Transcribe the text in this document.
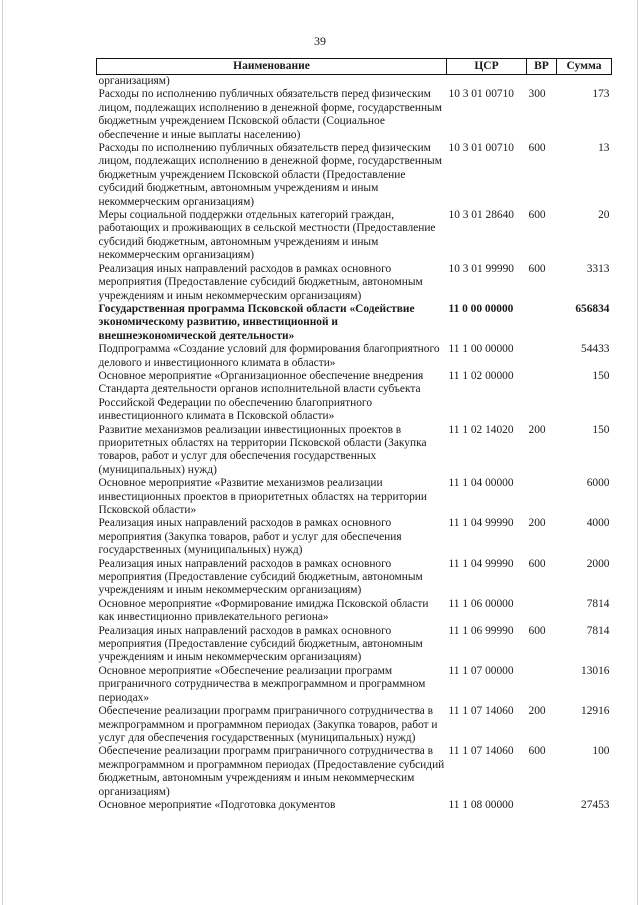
39
Наименование	ЦСР	ВР	Сумма
организациям)			
Расходы по исполнению публичных обязательств перед физическим лицом, подлежащих исполнению в денежной форме, государственным бюджетным учреждением Псковской области (Социальное обеспечение и иные выплаты населению)	10 3 01 00710	300	173
Расходы по исполнению публичных обязательств перед физическим лицом, подлежащих исполнению в денежной форме, государственным бюджетным учреждением Псковской области (Предоставление субсидий бюджетным, автономным учреждениям и иным некоммерческим организациям)	10 3 01 00710	600	13
Меры социальной поддержки отдельных категорий граждан, работающих и проживающих в сельской местности (Предоставление субсидий бюджетным, автономным учреждениям и иным некоммерческим организациям)	10 3 01 28640	600	20
Реализация иных направлений расходов в рамках основного мероприятия (Предоставление субсидий бюджетным, автономным учреждениям и иным некоммерческим организациям)	10 3 01 99990	600	3313
Государственная программа Псковской области «Содействие экономическому развитию, инвестиционной и внешнеэкономической деятельности»	11 0 00 00000		656834
Подпрограмма «Создание условий для формирования благоприятного делового и инвестиционного климата в области»	11 1 00 00000		54433
Основное мероприятие «Организационное обеспечение внедрения Стандарта деятельности органов исполнительной власти субъекта Российской Федерации по обеспечению благоприятного инвестиционного климата в Псковской области»	11 1 02 00000		150
Развитие механизмов реализации инвестиционных проектов в приоритетных областях на территории Псковской области (Закупка товаров, работ и услуг для обеспечения государственных (муниципальных) нужд)	11 1 02 14020	200	150
Основное мероприятие «Развитие механизмов реализации инвестиционных проектов в приоритетных областях на территории Псковской области»	11 1 04 00000		6000
Реализация иных направлений расходов в рамках основного мероприятия (Закупка товаров, работ и услуг для обеспечения государственных (муниципальных) нужд)	11 1 04 99990	200	4000
Реализация иных направлений расходов в рамках основного мероприятия (Предоставление субсидий бюджетным, автономным учреждениям и иным некоммерческим организациям)	11 1 04 99990	600	2000
Основное мероприятие «Формирование имиджа Псковской области как инвестиционно привлекательного региона»	11 1 06 00000		7814
Реализация иных направлений расходов в рамках основного мероприятия (Предоставление субсидий бюджетным, автономным учреждениям и иным некоммерческим организациям)	11 1 06 99990	600	7814
Основное мероприятие «Обеспечение реализации программ приграничного сотрудничества в межпрограммном и программном периодах»	11 1 07 00000		13016
Обеспечение реализации программ приграничного сотрудничества в межпрограммном и программном периодах (Закупка товаров, работ и услуг для обеспечения государственных (муниципальных) нужд)	11 1 07 14060	200	12916
Обеспечение реализации программ приграничного сотрудничества в межпрограммном и программном периодах (Предоставление субсидий бюджетным, автономным учреждениям и иным некоммерческим организациям)	11 1 07 14060	600	100
Основное мероприятие «Подготовка документов	11 1 08 00000		27453
